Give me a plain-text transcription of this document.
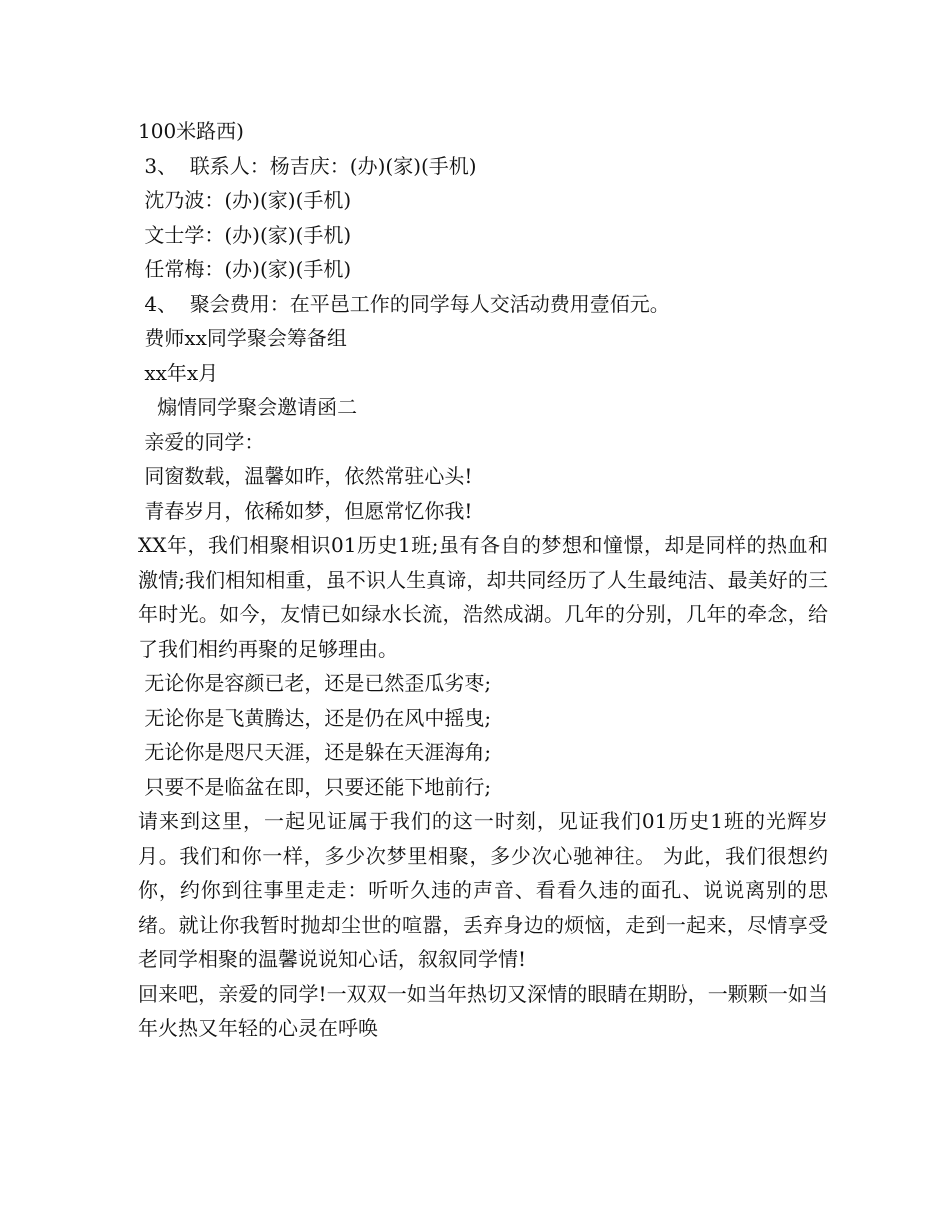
100米路西)
3、  联系人：杨吉庆：(办)(家)(手机)
沈乃波：(办)(家)(手机)
文士学：(办)(家)(手机)
任常梅：(办)(家)(手机)
4、  聚会费用：在平邑工作的同学每人交活动费用壹佰元。
费师xx同学聚会筹备组
xx年x月
煽情同学聚会邀请函二
亲爱的同学：
同窗数载，温馨如昨，依然常驻心头!
青春岁月，依稀如梦，但愿常忆你我!
XX年，我们相聚相识01历史1班;虽有各自的梦想和憧憬，却是同样的热血和激情;我们相知相重，虽不识人生真谛，却共同经历了人生最纯洁、最美好的三年时光。如今，友情已如绿水长流，浩然成湖。几年的分别，几年的牵念，给了我们相约再聚的足够理由。
无论你是容颜已老，还是已然歪瓜劣枣;
无论你是飞黄腾达，还是仍在风中摇曳;
无论你是咫尺天涯，还是躲在天涯海角;
只要不是临盆在即，只要还能下地前行;
请来到这里，一起见证属于我们的这一时刻，见证我们01历史1班的光辉岁月。我们和你一样，多少次梦里相聚，多少次心驰神往。 为此，我们很想约你，约你到往事里走走：听听久违的声音、看看久违的面孔、说说离别的思绪。就让你我暂时抛却尘世的喧嚣，丢弃身边的烦恼，走到一起来，尽情享受老同学相聚的温馨说说知心话，叙叙同学情!
回来吧，亲爱的同学!一双双一如当年热切又深情的眼睛在期盼，一颗颗一如当年火热又年轻的心灵在呼唤
